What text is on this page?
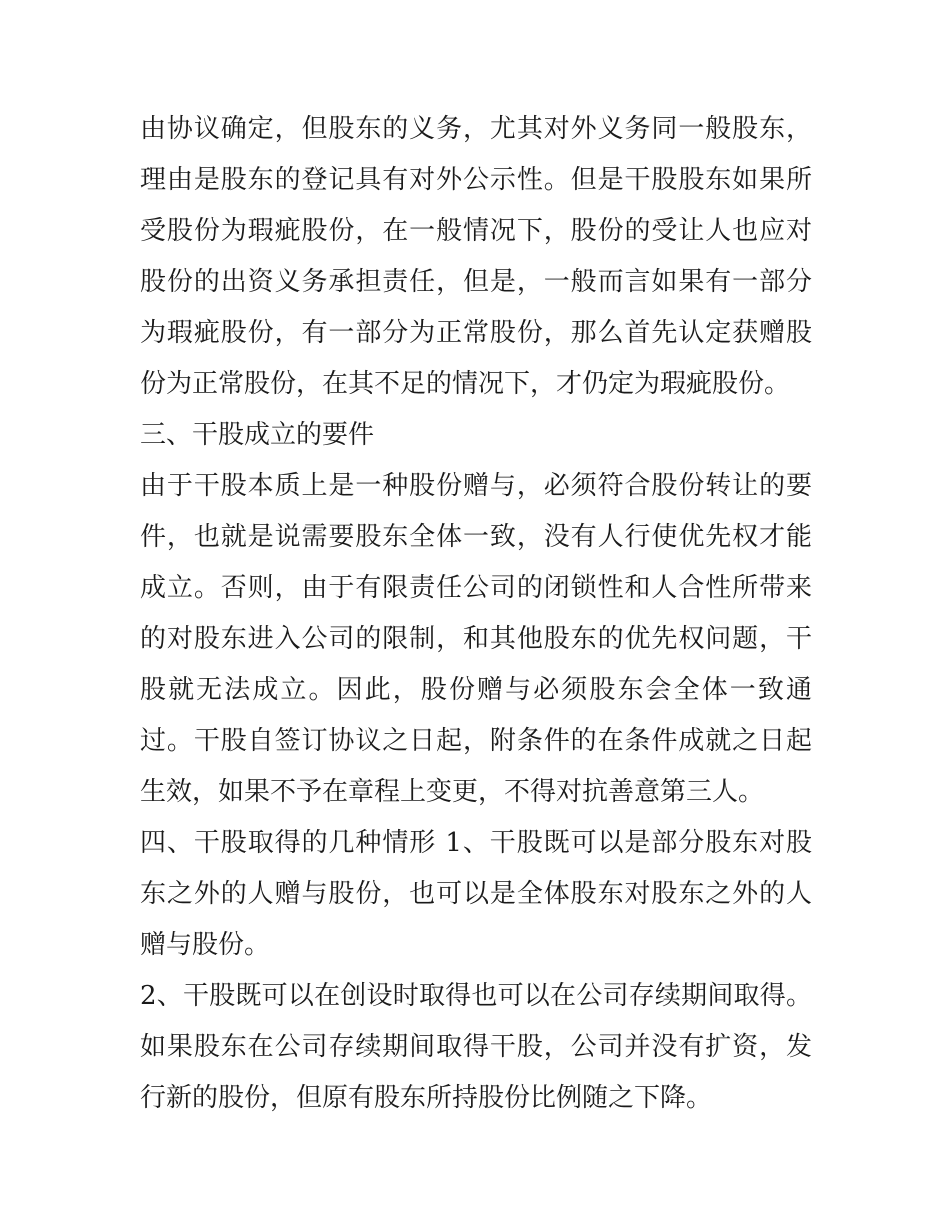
由协议确定，但股东的义务，尤其对外义务同一般股东，理由是股东的登记具有对外公示性。但是干股股东如果所受股份为瑕疵股份，在一般情况下，股份的受让人也应对股份的出资义务承担责任，但是，一般而言如果有一部分为瑕疵股份，有一部分为正常股份，那么首先认定获赠股份为正常股份，在其不足的情况下，才仍定为瑕疵股份。

三、干股成立的要件

由于干股本质上是一种股份赠与，必须符合股份转让的要件，也就是说需要股东全体一致，没有人行使优先权才能成立。否则，由于有限责任公司的闭锁性和人合性所带来的对股东进入公司的限制，和其他股东的优先权问题，干股就无法成立。因此，股份赠与必须股东会全体一致通过。干股自签订协议之日起，附条件的在条件成就之日起生效，如果不予在章程上变更，不得对抗善意第三人。

四、干股取得的几种情形 1、干股既可以是部分股东对股东之外的人赠与股份，也可以是全体股东对股东之外的人赠与股份。

2、干股既可以在创设时取得也可以在公司存续期间取得。如果股东在公司存续期间取得干股，公司并没有扩资，发行新的股份，但原有股东所持股份比例随之下降。
